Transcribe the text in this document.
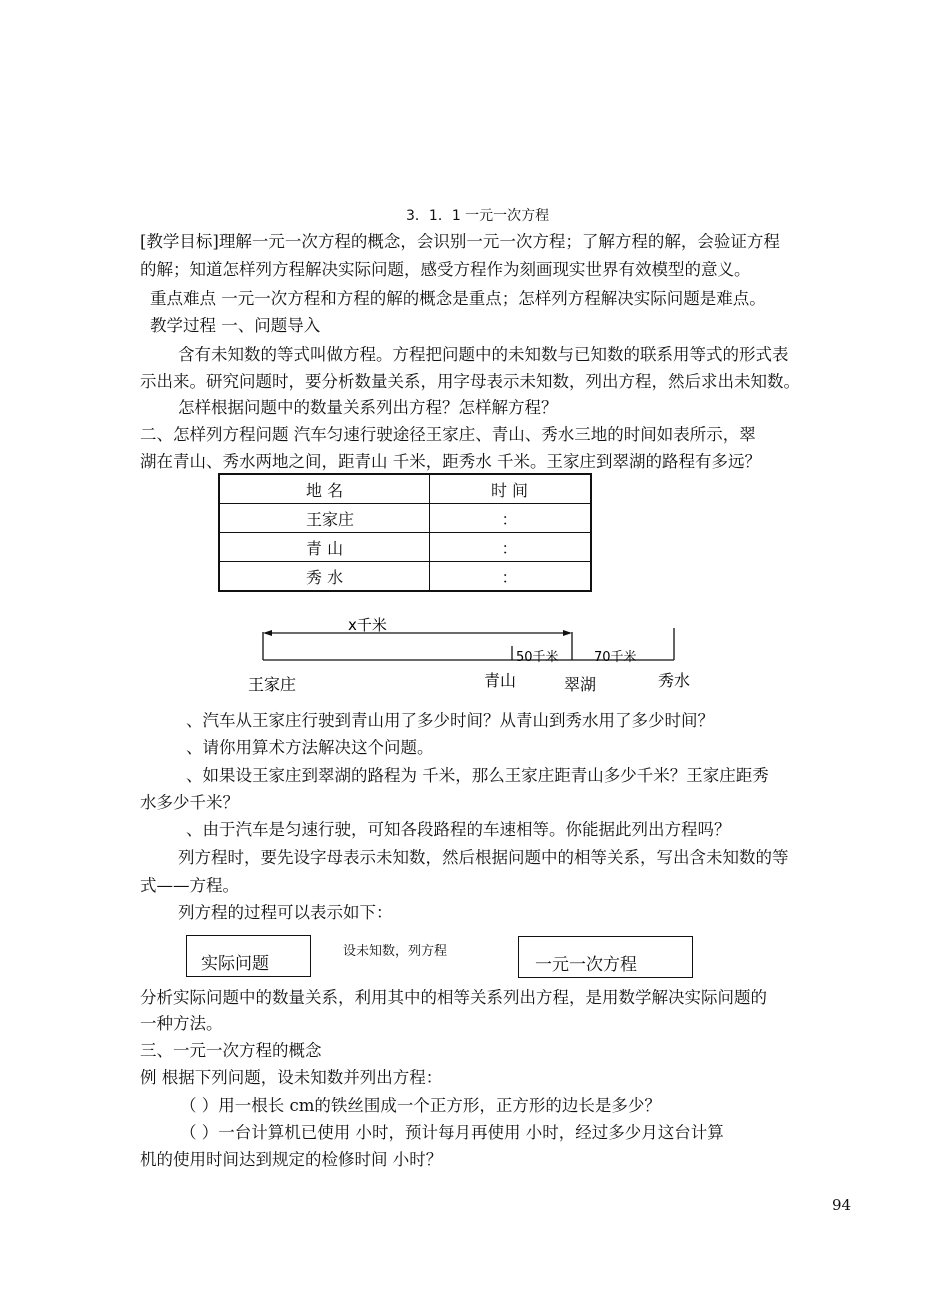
3．1．1 一元一次方程
[教学目标]理解一元一次方程的概念，会识别一元一次方程；了解方程的解，会验证方程
的解；知道怎样列方程解决实际问题，感受方程作为刻画现实世界有效模型的意义。
重点难点 一元一次方程和方程的解的概念是重点；怎样列方程解决实际问题是难点。
教学过程 一、问题导入
含有未知数的等式叫做方程。方程把问题中的未知数与已知数的联系用等式的形式表
示出来。研究问题时，要分析数量关系，用字母表示未知数，列出方程，然后求出未知数。
怎样根据问题中的数量关系列出方程？怎样解方程？
二、怎样列方程问题 汽车匀速行驶途径王家庄、青山、秀水三地的时间如表所示，翠
湖在青山、秀水两地之间，距青山 千米，距秀水 千米。王家庄到翠湖的路程有多远？
地 名	时 间
王家庄	：
青 山	：
秀 水	：
x千米
50千米	70千米
王家庄	青山	翠湖	秀水
、汽车从王家庄行驶到青山用了多少时间？从青山到秀水用了多少时间？
、请你用算术方法解决这个问题。
、如果设王家庄到翠湖的路程为 千米，那么王家庄距青山多少千米？王家庄距秀
水多少千米？
、由于汽车是匀速行驶，可知各段路程的车速相等。你能据此列出方程吗？
列方程时，要先设字母表示未知数，然后根据问题中的相等关系，写出含未知数的等
式——方程。
列方程的过程可以表示如下：
实际问题
设未知数，列方程
一元一次方程
分析实际问题中的数量关系，利用其中的相等关系列出方程，是用数学解决实际问题的
一种方法。
三、一元一次方程的概念
例 根据下列问题，设未知数并列出方程：
（ ）用一根长 cm的铁丝围成一个正方形，正方形的边长是多少？
（ ）一台计算机已使用 小时，预计每月再使用 小时，经过多少月这台计算
机的使用时间达到规定的检修时间 小时？
94
